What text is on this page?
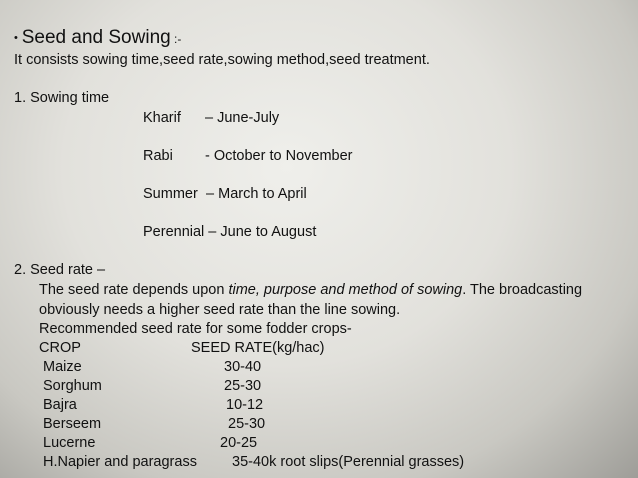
• Seed and Sowing :-
It consists sowing time,seed rate,sowing method,seed treatment.
1. Sowing time
Kharif – June-July
Rabi - October to November
Summer – March to April
Perennial – June to August
2. Seed rate –
The seed rate depends upon time, purpose and method of sowing. The broadcasting
obviously needs a higher seed rate than the line sowing.
Recommended seed rate for some fodder crops-
CROP	SEED RATE(kg/hac)
Maize	30-40
Sorghum	25-30
Bajra	10-12
Berseem	25-30
Lucerne	20-25
H.Napier and paragrass 35-40k root slips(Perennial grasses)
